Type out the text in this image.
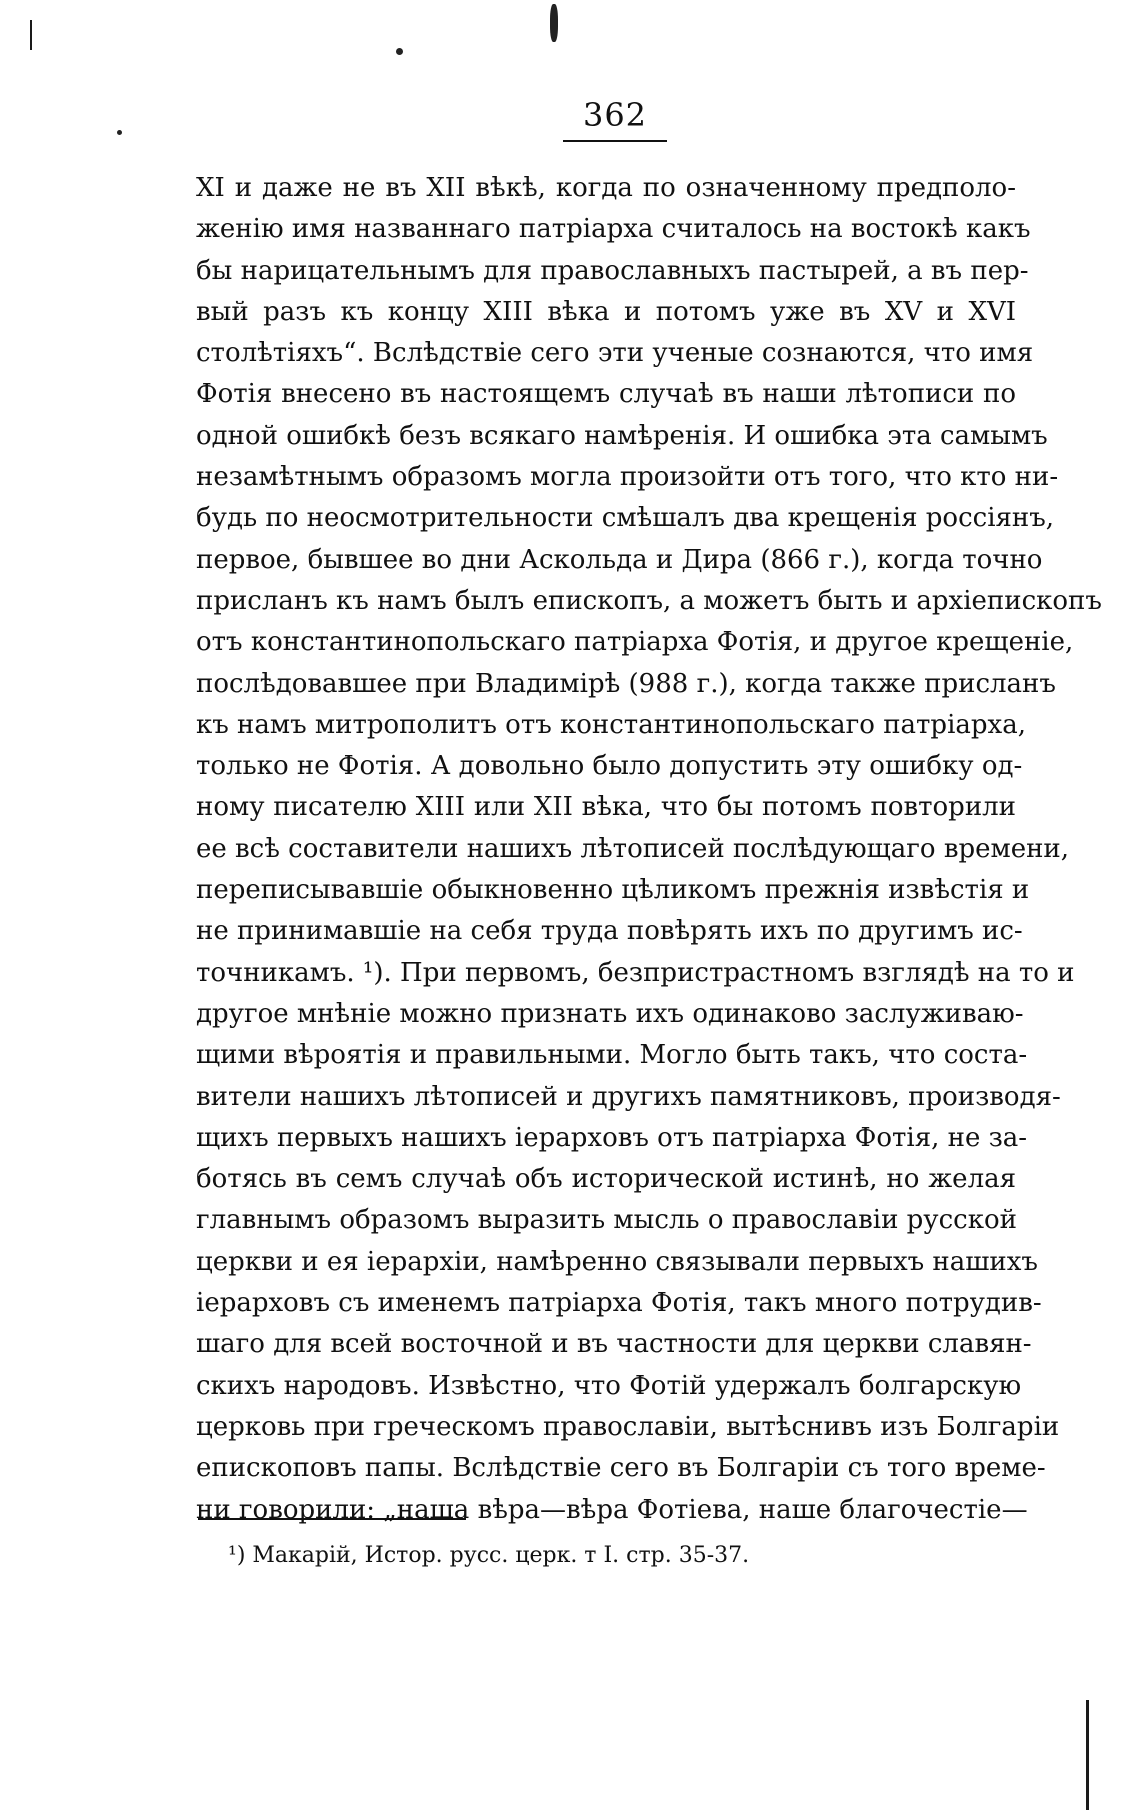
362
XI и даже не въ XII вѣкѣ, когда по означенному предполо-
женію имя названнаго патріарха считалось на востокѣ какъ
бы нарицательнымъ для православныхъ пастырей, а въ пер-
вый разъ къ концу XIII вѣка и потомъ уже въ XV и XVI
столѣтіяхъ“. Вслѣдствіе сего эти ученые сознаются, что имя
Фотія внесено въ настоящемъ случаѣ въ наши лѣтописи по
одной ошибкѣ безъ всякаго намѣренія. И ошибка эта самымъ
незамѣтнымъ образомъ могла произойти отъ того, что кто ни-
будь по неосмотрительности смѣшалъ два крещенія россіянъ,
первое, бывшее во дни Аскольда и Дира (866 г.), когда точно
присланъ къ намъ былъ епископъ, а можетъ быть и архіепископъ
отъ константинопольскаго патріарха Фотія, и другое крещеніе,
послѣдовавшее при Владимірѣ (988 г.), когда также присланъ
къ намъ митрополитъ отъ константинопольскаго патріарха,
только не Фотія. А довольно было допустить эту ошибку од-
ному писателю XIII или XII вѣка, что бы потомъ повторили
ее всѣ составители нашихъ лѣтописей послѣдующаго времени,
переписывавшіе обыкновенно цѣликомъ прежнія извѣстія и
не принимавшіе на себя труда повѣрять ихъ по другимъ ис-
точникамъ. ¹). При первомъ, безпристрастномъ взглядѣ на то и
другое мнѣніе можно признать ихъ одинаково заслуживаю-
щими вѣроятія и правильными. Могло быть такъ, что соста-
вители нашихъ лѣтописей и другихъ памятниковъ, производя-
щихъ первыхъ нашихъ іерарховъ отъ патріарха Фотія, не за-
ботясь въ семъ случаѣ объ исторической истинѣ, но желая
главнымъ образомъ выразить мысль о православіи русской
церкви и ея іерархіи, намѣренно связывали первыхъ нашихъ
іерарховъ съ именемъ патріарха Фотія, такъ много потрудив-
шаго для всей восточной и въ частности для церкви славян-
скихъ народовъ. Извѣстно, что Фотій удержалъ болгарскую
церковь при греческомъ православіи, вытѣснивъ изъ Болгаріи
епископовъ папы. Вслѣдствіе сего въ Болгаріи съ того време-
ни говорили: „наша вѣра—вѣра Фотіева, наше благочестіе—
¹) Макарій, Истор. русс. церк. т I. стр. 35-37.
